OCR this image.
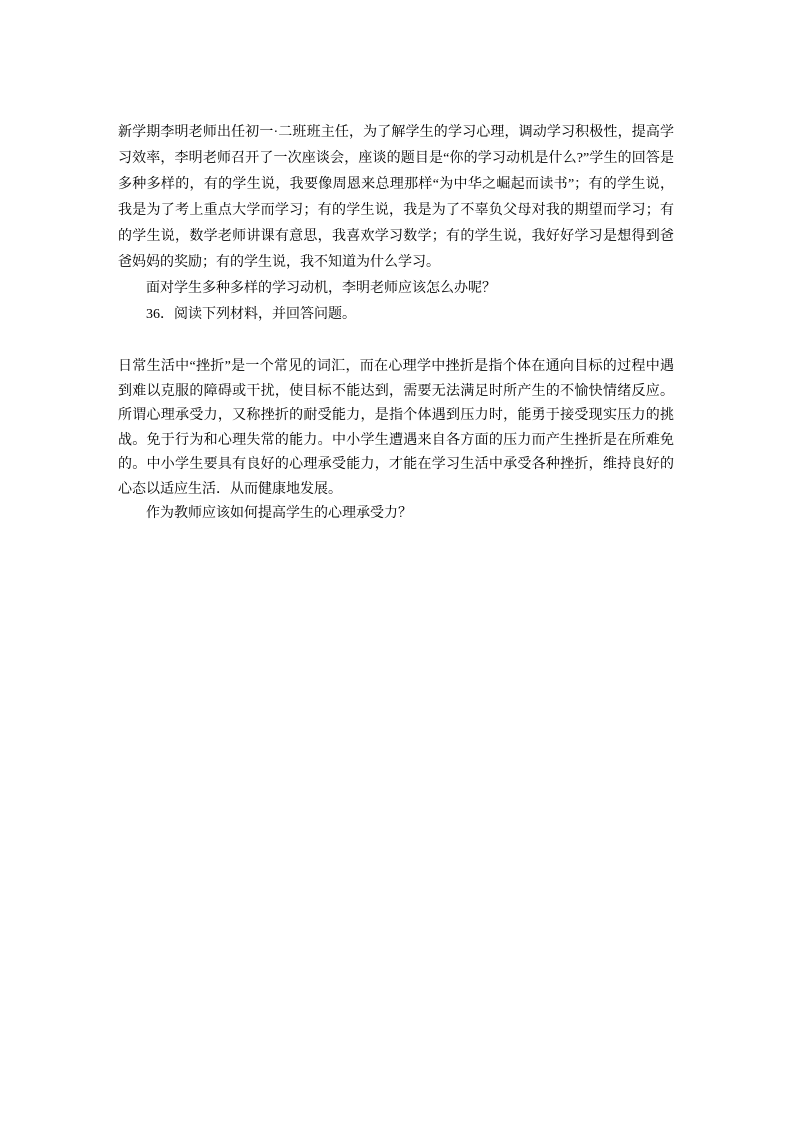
新学期李明老师出任初一·二班班主任，为了解学生的学习心理，调动学习积极性，提高学习效率，李明老师召开了一次座谈会，座谈的题目是“你的学习动机是什么?”学生的回答是多种多样的，有的学生说，我要像周恩来总理那样“为中华之崛起而读书”；有的学生说，我是为了考上重点大学而学习；有的学生说，我是为了不辜负父母对我的期望而学习；有的学生说，数学老师讲课有意思，我喜欢学习数学；有的学生说，我好好学习是想得到爸爸妈妈的奖励；有的学生说，我不知道为什么学习。

面对学生多种多样的学习动机，李明老师应该怎么办呢？

36．阅读下列材料，并回答问题。

日常生活中“挫折”是一个常见的词汇，而在心理学中挫折是指个体在通向目标的过程中遇到难以克服的障碍或干扰，使目标不能达到，需要无法满足时所产生的不愉快情绪反应。所谓心理承受力，又称挫折的耐受能力，是指个体遇到压力时，能勇于接受现实压力的挑战。免于行为和心理失常的能力。中小学生遭遇来自各方面的压力而产生挫折是在所难免的。中小学生要具有良好的心理承受能力，才能在学习生活中承受各种挫折，维持良好的心态以适应生活．从而健康地发展。

作为教师应该如何提高学生的心理承受力？
